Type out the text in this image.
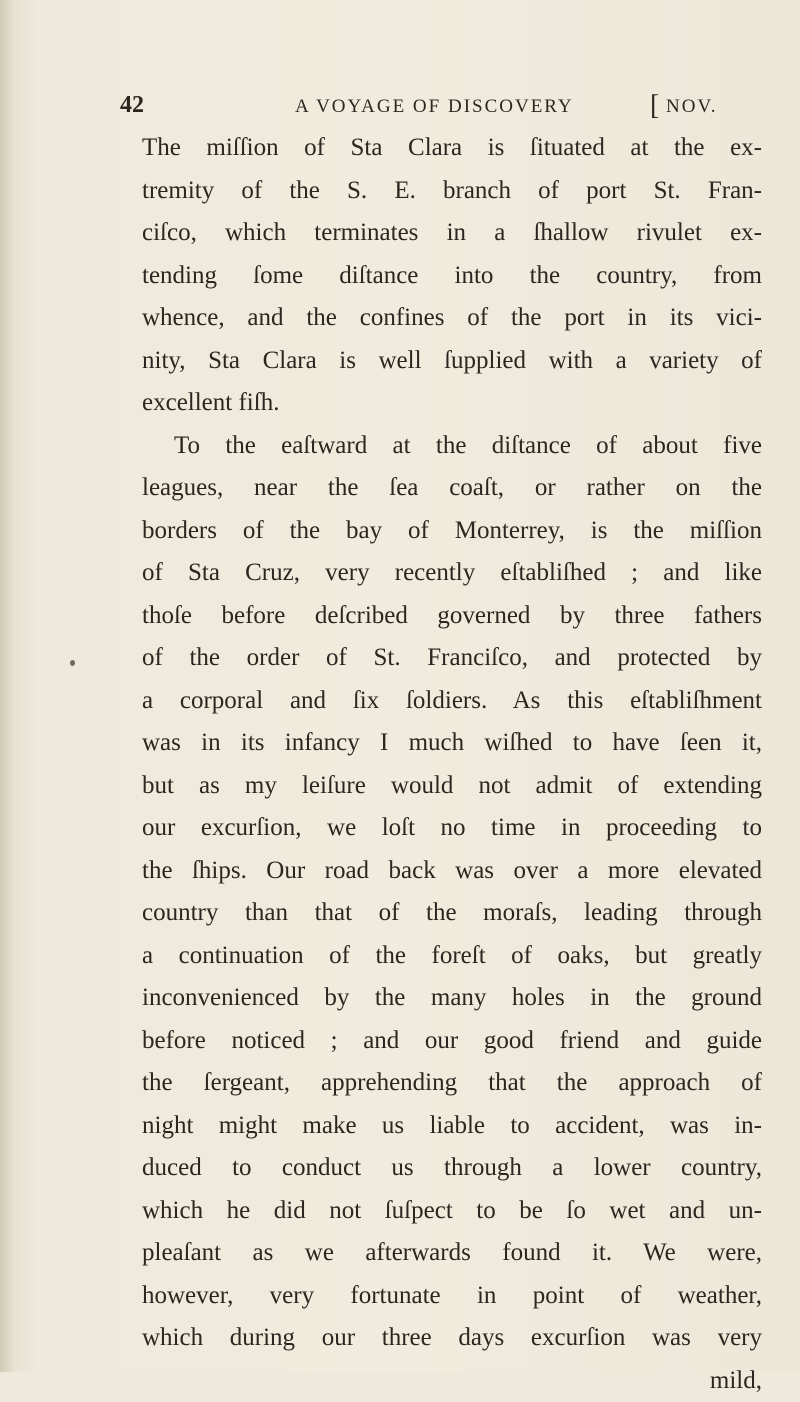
42	A VOYAGE OF DISCOVERY	[ NOV.
The miſſion of Sta Clara is ſituated at the ex-
tremity of the S. E. branch of port St. Fran-
ciſco, which terminates in a ſhallow rivulet ex-
tending ſome diſtance into the country, from
whence, and the confines of the port in its vici-
nity, Sta Clara is well ſupplied with a variety of
excellent fiſh.
To the eaſtward at the diſtance of about five
leagues, near the ſea coaſt, or rather on the
borders of the bay of Monterrey, is the miſſion
of Sta Cruz, very recently eſtabliſhed ; and like
thoſe before deſcribed governed by three fathers
of the order of St. Franciſco, and protected by
a corporal and ſix ſoldiers. As this eſtabliſhment
was in its infancy I much wiſhed to have ſeen it,
but as my leiſure would not admit of extending
our excurſion, we loſt no time in proceeding to
the ſhips. Our road back was over a more elevated
country than that of the moraſs, leading through
a continuation of the foreſt of oaks, but greatly
inconvenienced by the many holes in the ground
before noticed ; and our good friend and guide
the ſergeant, apprehending that the approach of
night might make us liable to accident, was in-
duced to conduct us through a lower country,
which he did not ſuſpect to be ſo wet and un-
pleaſant as we afterwards found it. We were,
however, very fortunate in point of weather,
which during our three days excurſion was very
mild,
